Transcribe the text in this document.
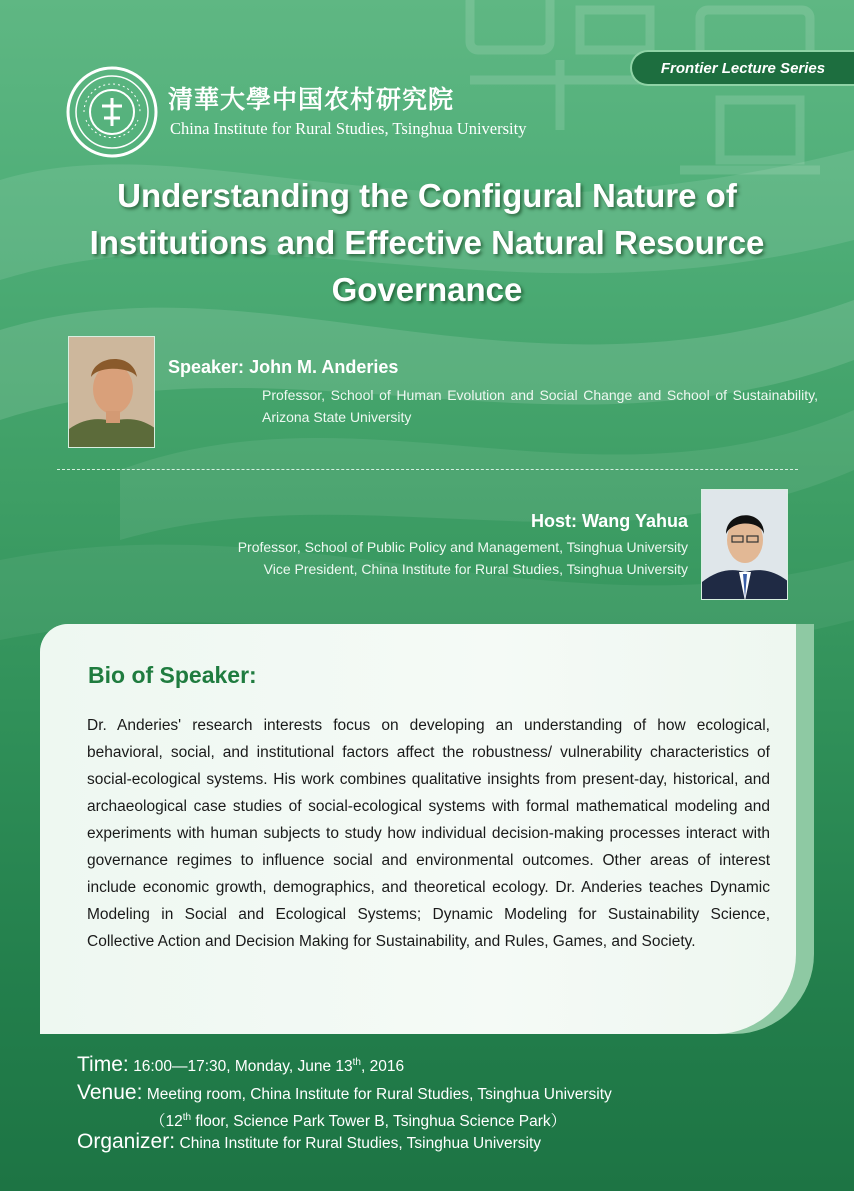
Frontier Lecture Series
清華大學中国农村研究院
China Institute for Rural Studies, Tsinghua University
Understanding the Configural Nature of Institutions and Effective Natural Resource Governance
Speaker: John M. Anderies
Professor, School of Human Evolution and Social Change and School of Sustainability, Arizona State University
Host: Wang Yahua
Professor, School of Public Policy and Management, Tsinghua University
Vice President, China Institute for Rural Studies, Tsinghua University
Bio of Speaker:
Dr. Anderies' research interests focus on developing an understanding of how ecological, behavioral, social, and institutional factors affect the robustness/ vulnerability characteristics of social-ecological systems. His work combines qualitative insights from present-day, historical, and archaeological case studies of social-ecological systems with formal mathematical modeling and experiments with human subjects to study how individual decision-making processes interact with governance regimes to influence social and environmental outcomes. Other areas of interest include economic growth, demographics, and theoretical ecology. Dr. Anderies teaches Dynamic Modeling in Social and Ecological Systems; Dynamic Modeling for Sustainability Science, Collective Action and Decision Making for Sustainability, and Rules, Games, and Society.
Time: 16:00—17:30, Monday, June 13th, 2016
Venue: Meeting room, China Institute for Rural Studies, Tsinghua University
（12th floor, Science Park Tower B, Tsinghua Science Park）
Organizer: China Institute for Rural Studies, Tsinghua University
